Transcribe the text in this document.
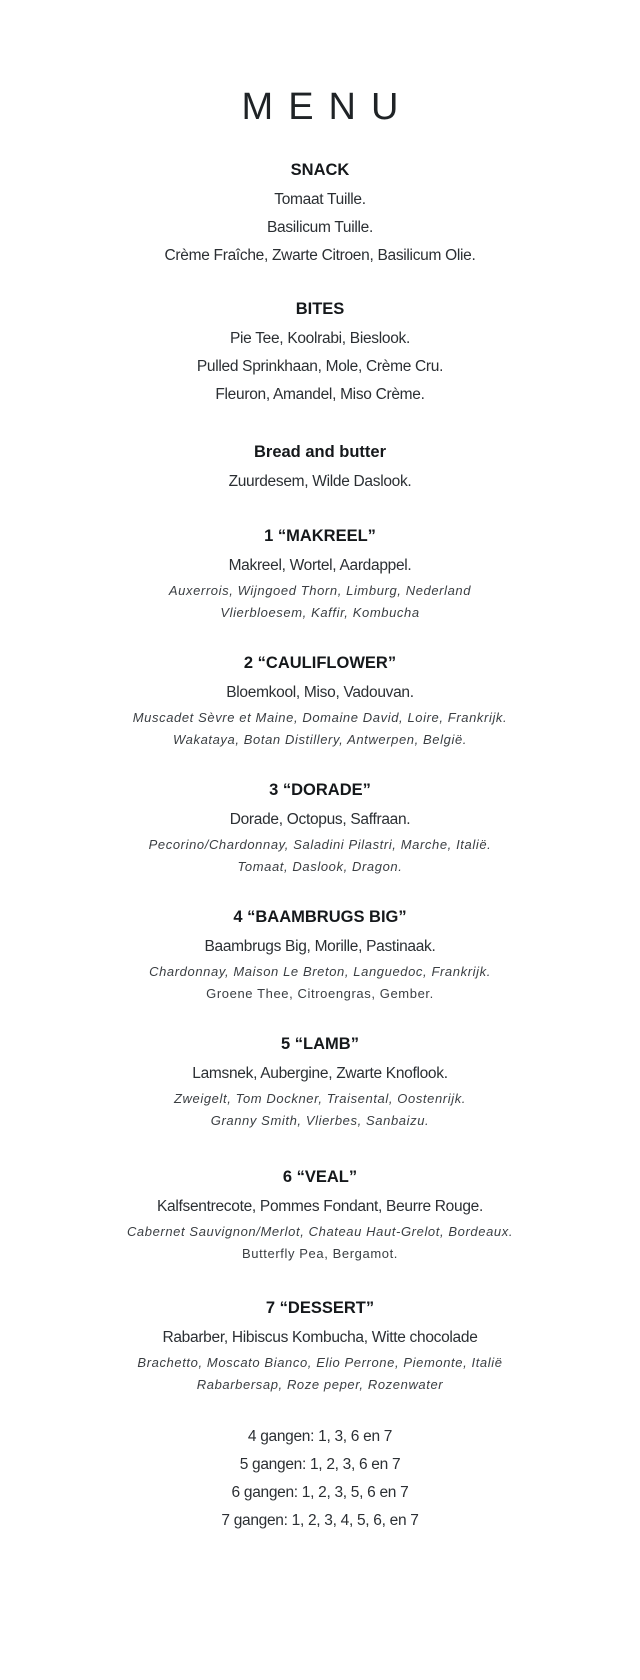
MENU
SNACK
Tomaat Tuille.
Basilicum Tuille.
Crème Fraîche, Zwarte Citroen, Basilicum Olie.
BITES
Pie Tee, Koolrabi, Bieslook.
Pulled Sprinkhaan, Mole, Crème Cru.
Fleuron, Amandel, Miso Crème.
Bread and butter
Zuurdesem, Wilde Daslook.
1 “MAKREEL”
Makreel, Wortel, Aardappel.
Auxerrois, Wijngoed Thorn, Limburg, Nederland
Vlierbloesem, Kaffir, Kombucha
2 “CAULIFLOWER”
Bloemkool, Miso, Vadouvan.
Muscadet Sèvre et Maine, Domaine David, Loire, Frankrijk.
Wakataya, Botan Distillery, Antwerpen, België.
3 “DORADE”
Dorade, Octopus, Saffraan.
Pecorino/Chardonnay, Saladini Pilastri, Marche, Italië.
Tomaat, Daslook, Dragon.
4 “BAAMBRUGS BIG”
Baambrugs Big, Morille, Pastinaak.
Chardonnay, Maison Le Breton, Languedoc, Frankrijk.
Groene Thee, Citroengras, Gember.
5 “LAMB”
Lamsnek, Aubergine, Zwarte Knoflook.
Zweigelt, Tom Dockner, Traisental, Oostenrijk.
Granny Smith, Vlierbes, Sanbaizu.
6 “VEAL”
Kalfsentrecote, Pommes Fondant, Beurre Rouge.
Cabernet Sauvignon/Merlot, Chateau Haut-Grelot, Bordeaux.
Butterfly Pea, Bergamot.
7 “DESSERT”
Rabarber, Hibiscus Kombucha, Witte chocolade
Brachetto, Moscato Bianco, Elio Perrone, Piemonte, Italië
Rabarbersap, Roze peper, Rozenwater
4 gangen: 1, 3, 6 en 7
5 gangen: 1, 2, 3, 6 en 7
6 gangen: 1, 2, 3, 5, 6 en 7
7 gangen: 1, 2, 3, 4, 5, 6, en 7
